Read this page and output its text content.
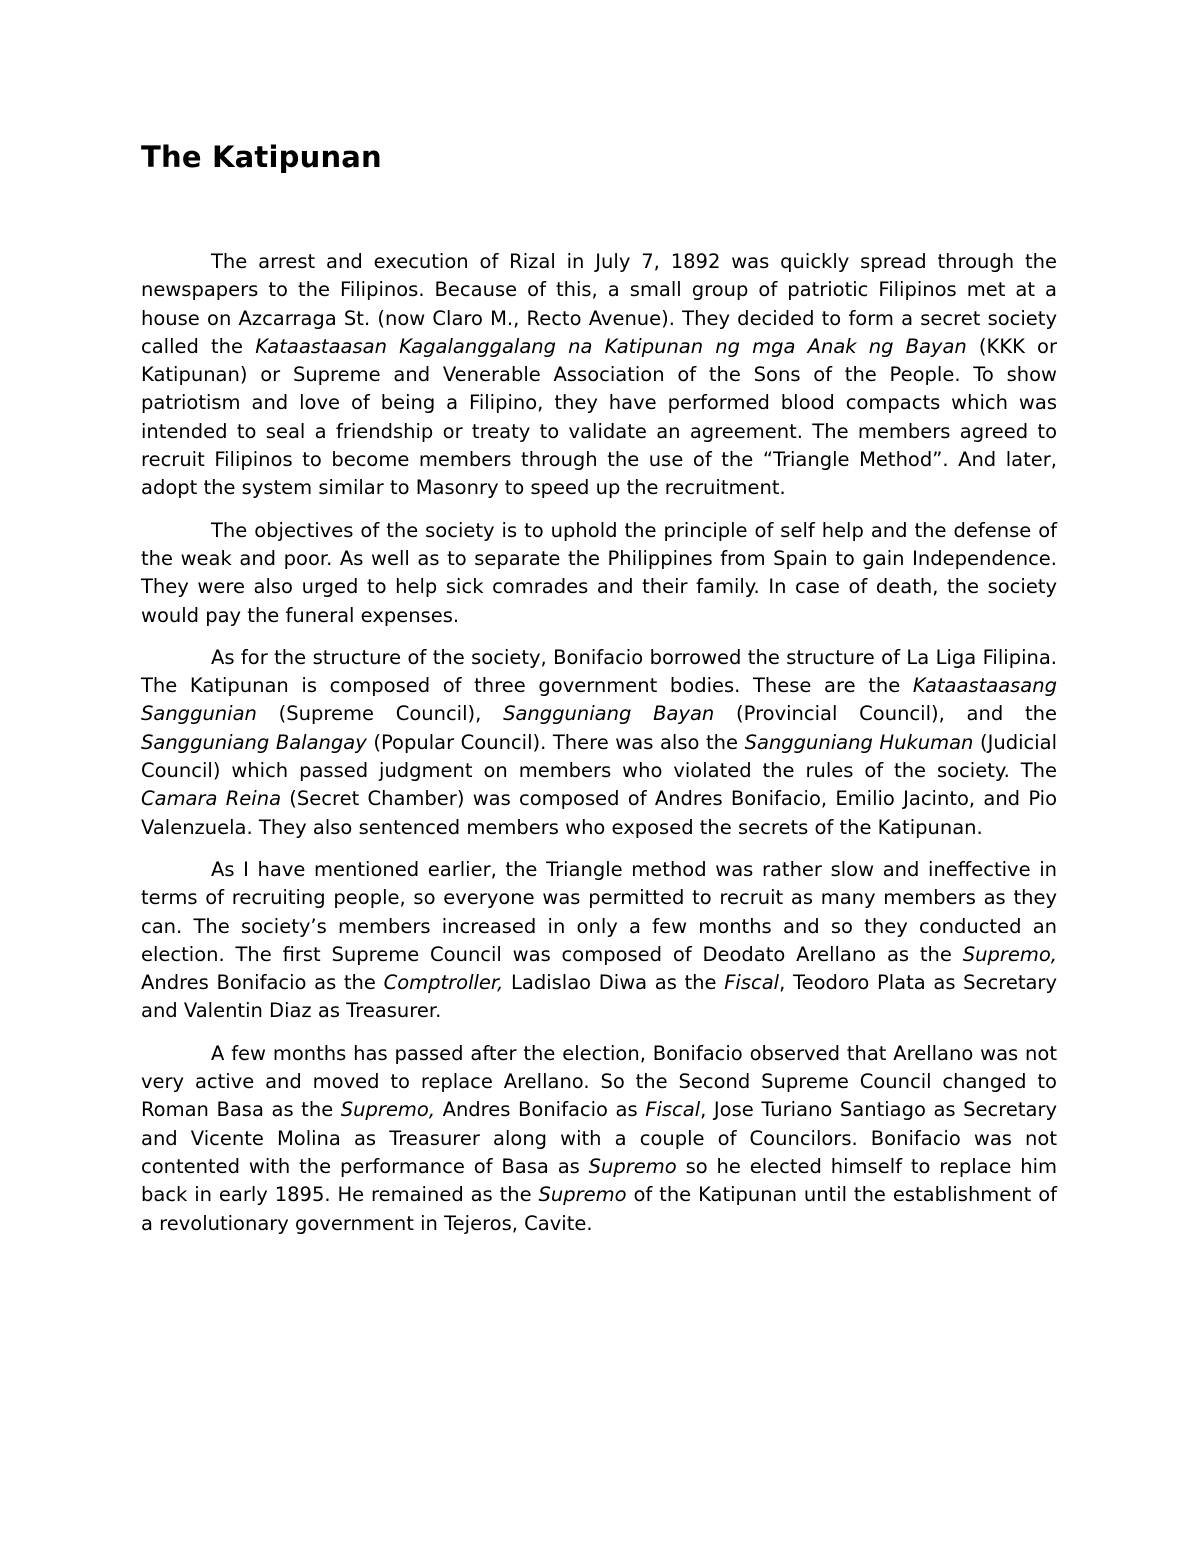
The Katipunan

The arrest and execution of Rizal in July 7, 1892 was quickly spread through the newspapers to the Filipinos. Because of this, a small group of patriotic Filipinos met at a house on Azcarraga St. (now Claro M., Recto Avenue). They decided to form a secret society called the Kataastaasan Kagalanggalang na Katipunan ng mga Anak ng Bayan (KKK or Katipunan) or Supreme and Venerable Association of the Sons of the People. To show patriotism and love of being a Filipino, they have performed blood compacts which was intended to seal a friendship or treaty to validate an agreement. The members agreed to recruit Filipinos to become members through the use of the “Triangle Method”. And later, adopt the system similar to Masonry to speed up the recruitment.

The objectives of the society is to uphold the principle of self help and the defense of the weak and poor. As well as to separate the Philippines from Spain to gain Independence. They were also urged to help sick comrades and their family. In case of death, the society would pay the funeral expenses.

As for the structure of the society, Bonifacio borrowed the structure of La Liga Filipina. The Katipunan is composed of three government bodies. These are the Kataastaasang Sanggunian (Supreme Council), Sangguniang Bayan (Provincial Council), and the Sangguniang Balangay (Popular Council). There was also the Sangguniang Hukuman (Judicial Council) which passed judgment on members who violated the rules of the society. The Camara Reina (Secret Chamber) was composed of Andres Bonifacio, Emilio Jacinto, and Pio Valenzuela. They also sentenced members who exposed the secrets of the Katipunan.

As I have mentioned earlier, the Triangle method was rather slow and ineffective in terms of recruiting people, so everyone was permitted to recruit as many members as they can. The society’s members increased in only a few months and so they conducted an election. The first Supreme Council was composed of Deodato Arellano as the Supremo, Andres Bonifacio as the Comptroller, Ladislao Diwa as the Fiscal, Teodoro Plata as Secretary and Valentin Diaz as Treasurer.

A few months has passed after the election, Bonifacio observed that Arellano was not very active and moved to replace Arellano. So the Second Supreme Council changed to Roman Basa as the Supremo, Andres Bonifacio as Fiscal, Jose Turiano Santiago as Secretary and Vicente Molina as Treasurer along with a couple of Councilors. Bonifacio was not contented with the performance of Basa as Supremo so he elected himself to replace him back in early 1895. He remained as the Supremo of the Katipunan until the establishment of a revolutionary government in Tejeros, Cavite.
